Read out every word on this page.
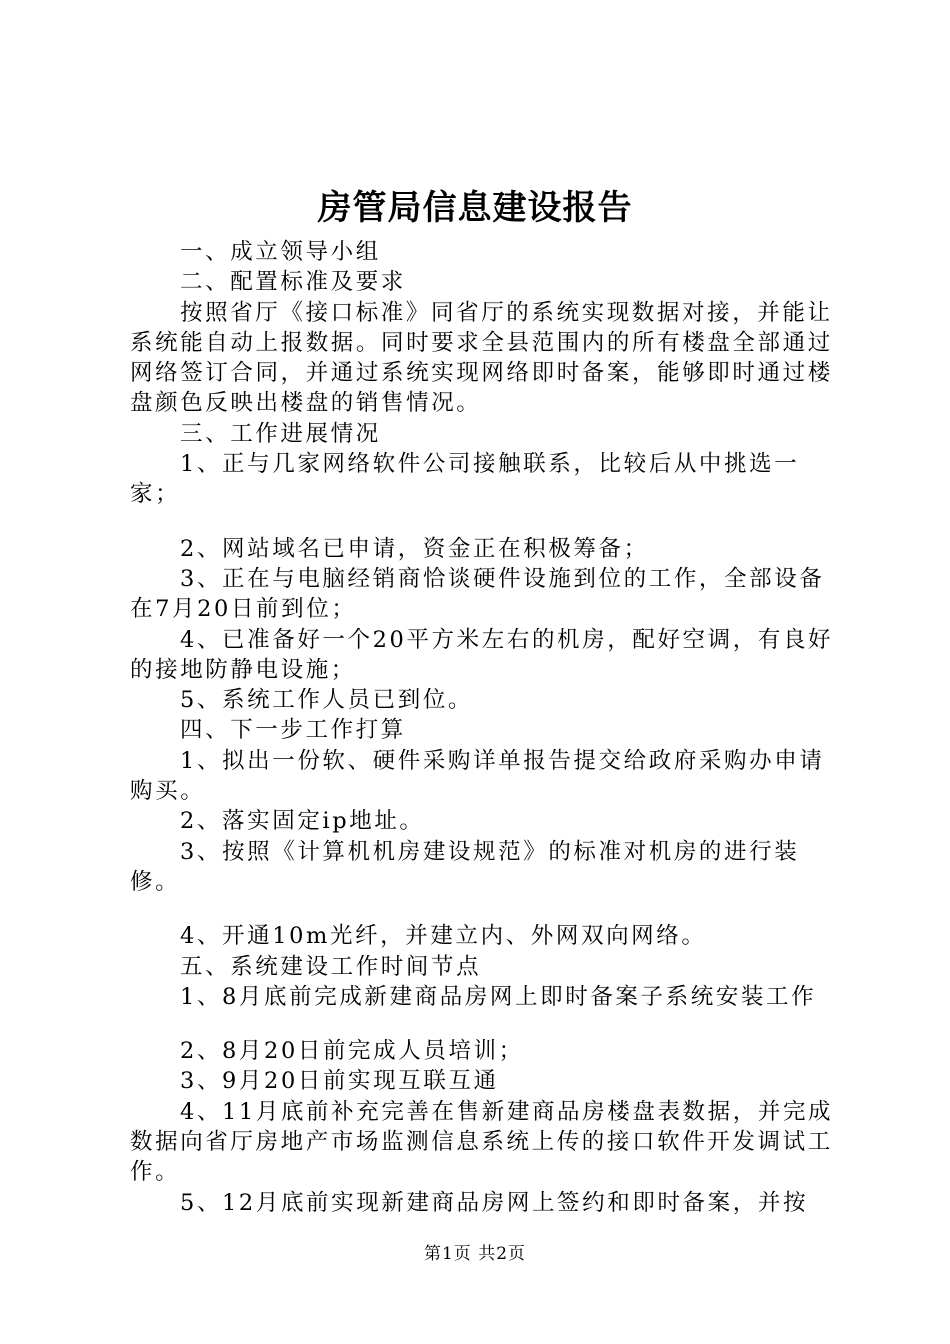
房管局信息建设报告

一、成立领导小组

二、配置标准及要求

按照省厅《接口标准》同省厅的系统实现数据对接，并能让系统能自动上报数据。同时要求全县范围内的所有楼盘全部通过网络签订合同，并通过系统实现网络即时备案，能够即时通过楼盘颜色反映出楼盘的销售情况。

三、工作进展情况

1、正与几家网络软件公司接触联系，比较后从中挑选一家；

2、网站域名已申请，资金正在积极筹备；

3、正在与电脑经销商恰谈硬件设施到位的工作，全部设备在7月20日前到位；

4、已准备好一个20平方米左右的机房，配好空调，有良好的接地防静电设施；

5、系统工作人员已到位。

四、下一步工作打算

1、拟出一份软、硬件采购详单报告提交给政府采购办申请购买。

2、落实固定ip地址。

3、按照《计算机机房建设规范》的标准对机房的进行装修。

4、开通10m光纤，并建立内、外网双向网络。

五、系统建设工作时间节点

1、8月底前完成新建商品房网上即时备案子系统安装工作

2、8月20日前完成人员培训；

3、9月20日前实现互联互通

4、11月底前补充完善在售新建商品房楼盘表数据，并完成数据向省厅房地产市场监测信息系统上传的接口软件开发调试工作。

5、12月底前实现新建商品房网上签约和即时备案，并按

第1页 共2页
